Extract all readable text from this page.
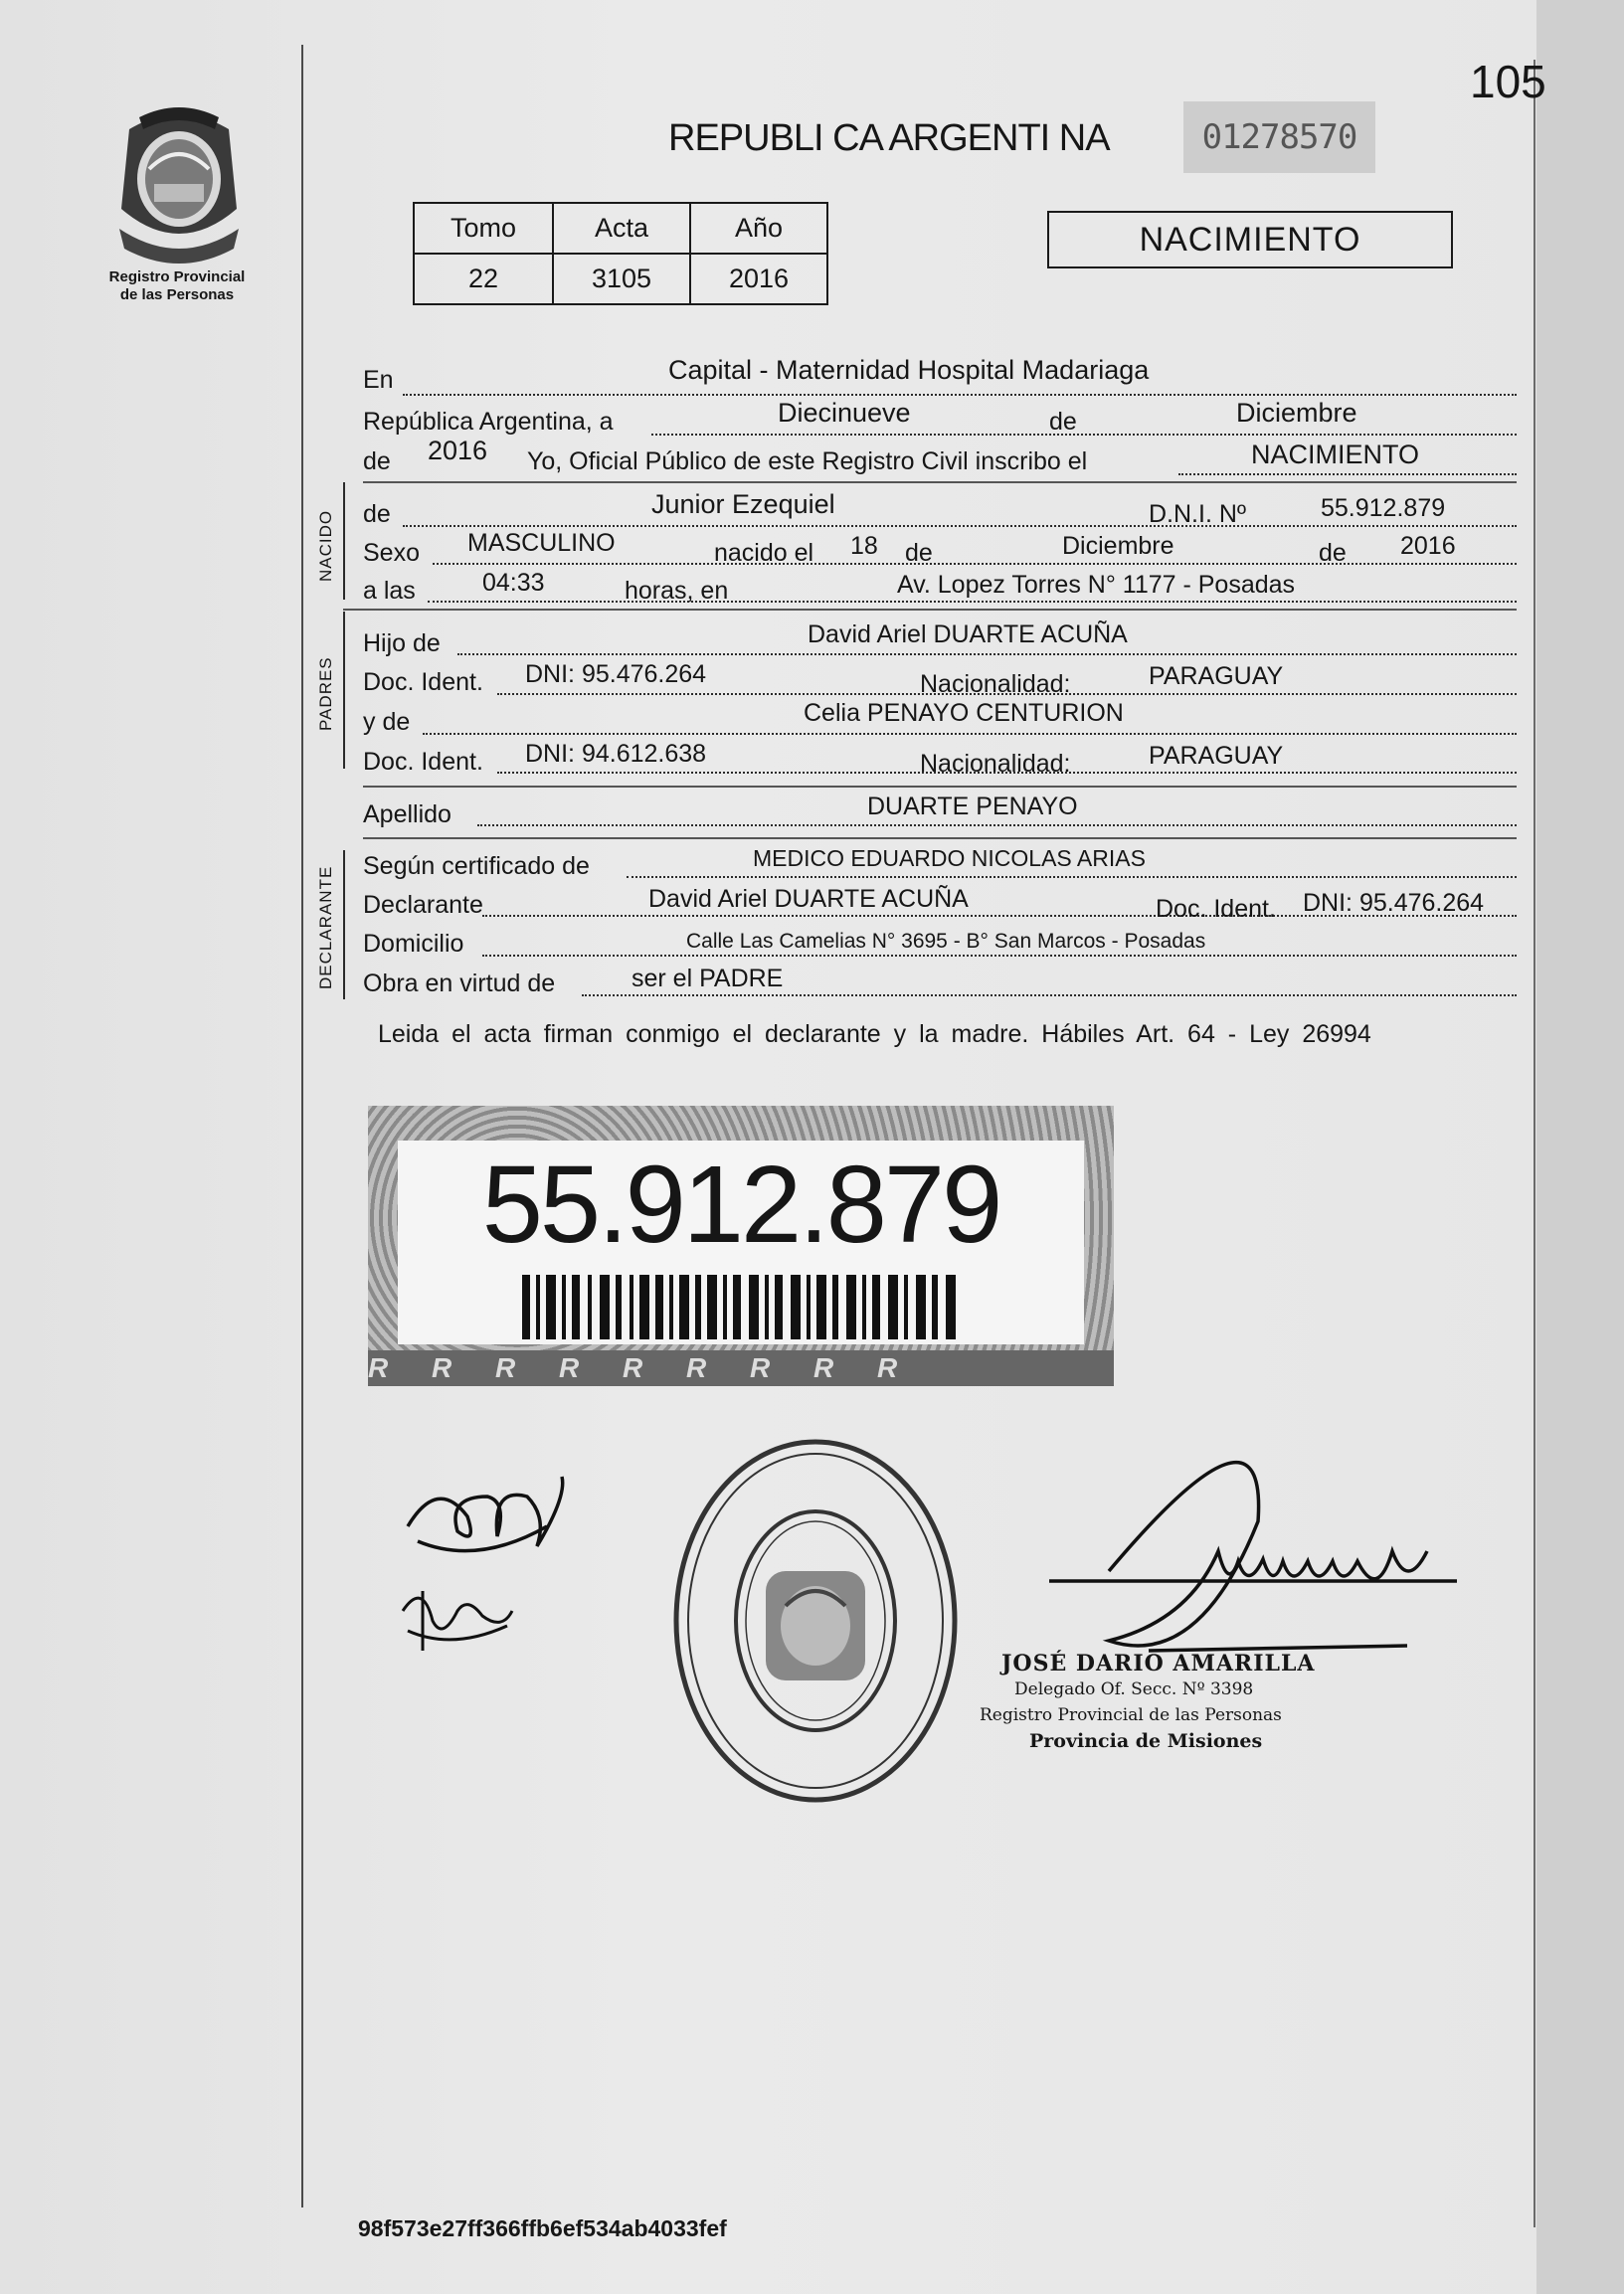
Registro Provincial
de las Personas
105
REPUBLI CA ARGENTI NA	01278570
Tomo	Acta	Año
22	3105	2016
NACIMIENTO
En	Capital - Maternidad Hospital Madariaga
República Argentina, a	Diecinueve	de	Diciembre
de 2016 Yo, Oficial Público de este Registro Civil inscribo el	NACIMIENTO
NACIDO de	Junior Ezequiel	D.N.I. Nº	55.912.879
Sexo MASCULINO	nacido el 18 de	Diciembre	de 2016
a las	04:33	horas, en	Av. Lopez Torres N° 1177 - Posadas
PADRES
Hijo de	David Ariel DUARTE ACUÑA
Doc. Ident. DNI: 95.476.264	Nacionalidad:	PARAGUAY
y de	Celia PENAYO CENTURION
Doc. Ident. DNI: 94.612.638	Nacionalidad:	PARAGUAY
Apellido	DUARTE PENAYO
DECLARANTE Según certificado de	MEDICO EDUARDO NICOLAS ARIAS
Declarante	David Ariel DUARTE ACUÑA	Doc. Ident. DNI: 95.476.264
Domicilio	Calle Las Camelias N° 3695 - B° San Marcos - Posadas
Obra en virtud de	ser el PADRE
Leida el acta firman conmigo el declarante y la madre. Hábiles Art. 64 - Ley 26994
55.912.879
R R R R R R R R R
JOSÉ DARIO AMARILLA
Delegado Of. Secc. Nº 3398
Registro Provincial de las Personas
Provincia de Misiones
98f573e27ff366ffb6ef534ab4033fef
